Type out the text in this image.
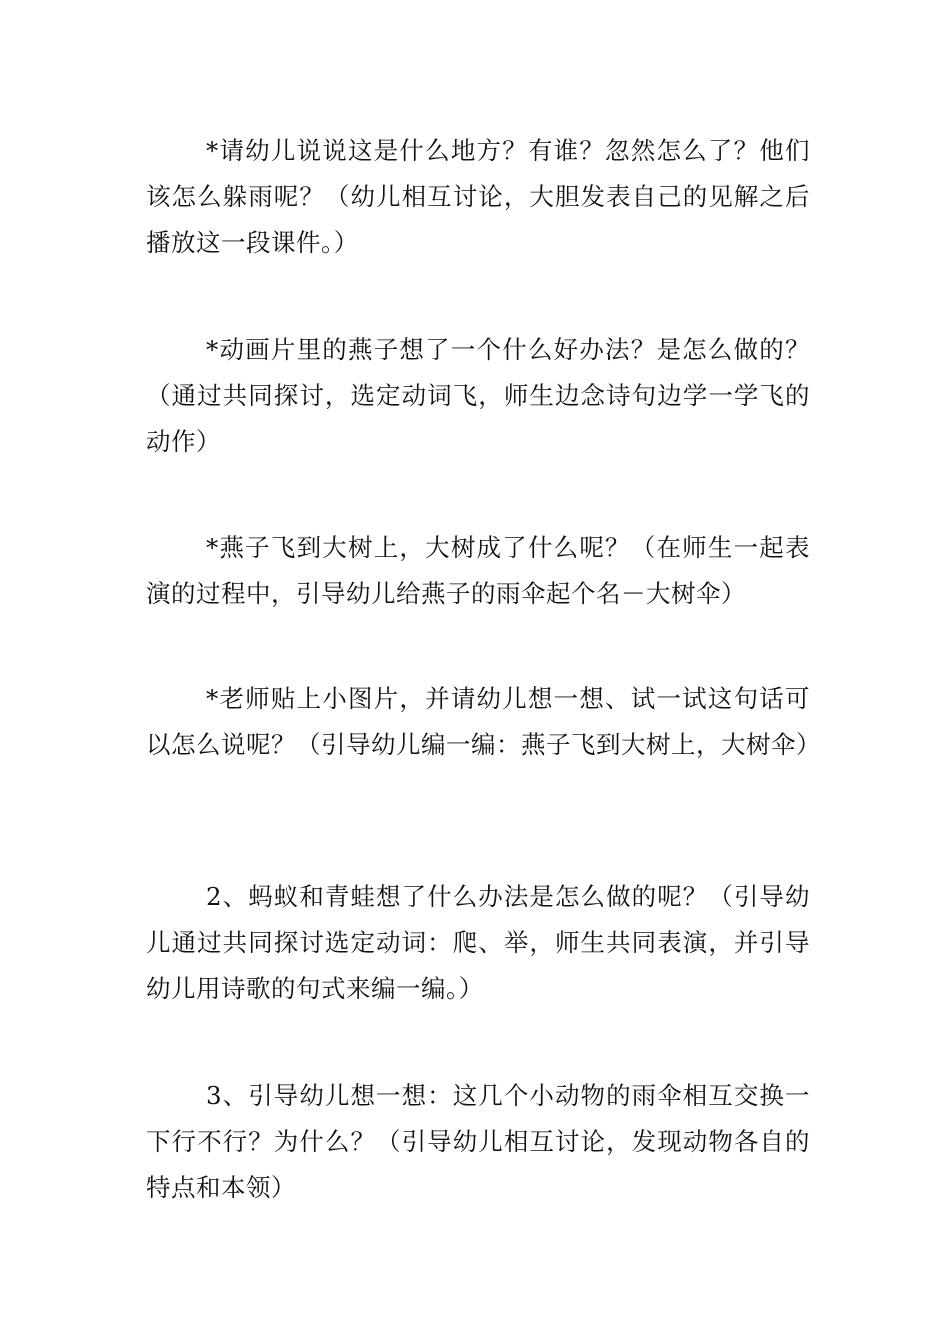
*请幼儿说说这是什么地方？有谁？忽然怎么了？他们该怎么躲雨呢？（幼儿相互讨论，大胆发表自己的见解之后播放这一段课件。）

*动画片里的燕子想了一个什么好办法？是怎么做的？（通过共同探讨，选定动词飞，师生边念诗句边学一学飞的动作）

*燕子飞到大树上，大树成了什么呢？（在师生一起表演的过程中，引导幼儿给燕子的雨伞起个名－大树伞）

*老师贴上小图片，并请幼儿想一想、试一试这句话可以怎么说呢？（引导幼儿编一编：燕子飞到大树上，大树伞）

2、蚂蚁和青蛙想了什么办法是怎么做的呢？（引导幼儿通过共同探讨选定动词：爬、举，师生共同表演，并引导幼儿用诗歌的句式来编一编。）

3、引导幼儿想一想：这几个小动物的雨伞相互交换一下行不行？为什么？（引导幼儿相互讨论，发现动物各自的特点和本领）
